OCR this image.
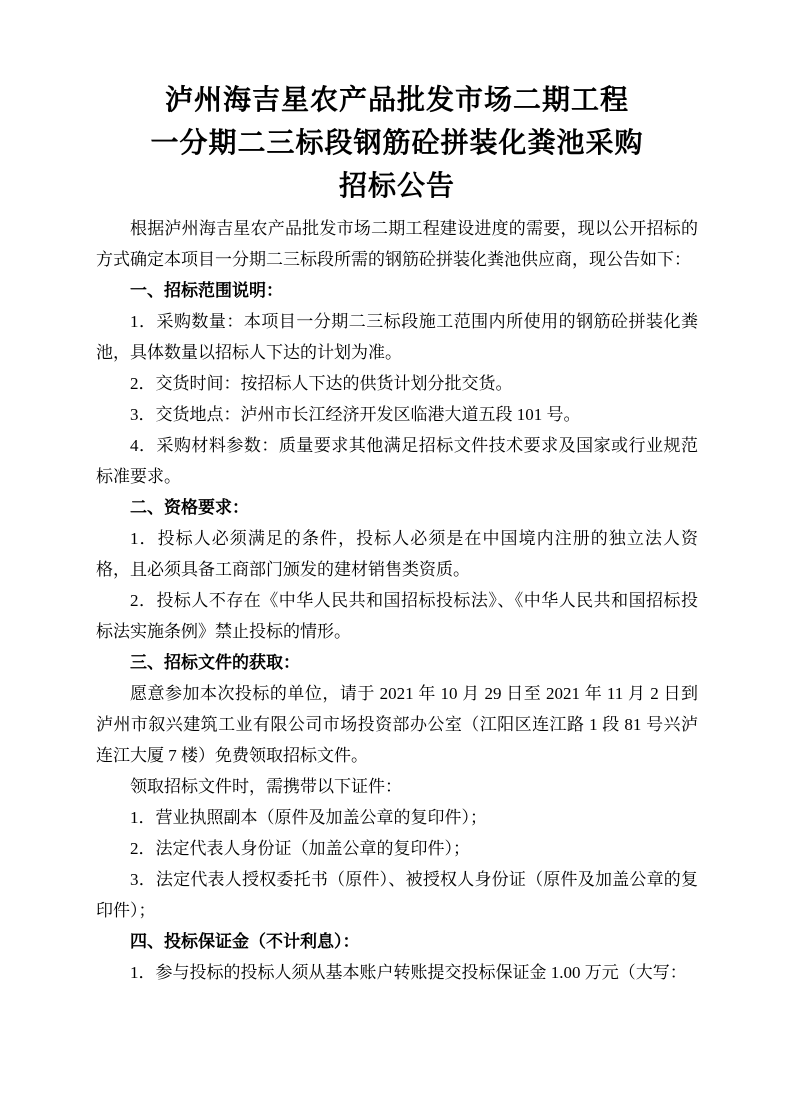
泸州海吉星农产品批发市场二期工程
一分期二三标段钢筋砼拼装化粪池采购
招标公告

根据泸州海吉星农产品批发市场二期工程建设进度的需要，现以公开招标的方式确定本项目一分期二三标段所需的钢筋砼拼装化粪池供应商，现公告如下：

一、招标范围说明：

1．采购数量：本项目一分期二三标段施工范围内所使用的钢筋砼拼装化粪池，具体数量以招标人下达的计划为准。

2．交货时间：按招标人下达的供货计划分批交货。

3．交货地点：泸州市长江经济开发区临港大道五段 101 号。

4．采购材料参数：质量要求其他满足招标文件技术要求及国家或行业规范标准要求。

二、资格要求：

1．投标人必须满足的条件，投标人必须是在中国境内注册的独立法人资格，且必须具备工商部门颁发的建材销售类资质。

2．投标人不存在《中华人民共和国招标投标法》、《中华人民共和国招标投标法实施条例》禁止投标的情形。

三、招标文件的获取：

愿意参加本次投标的单位，请于 2021 年 10 月 29 日至 2021 年 11 月 2 日到泸州市叙兴建筑工业有限公司市场投资部办公室（江阳区连江路 1 段 81 号兴泸连江大厦 7 楼）免费领取招标文件。

领取招标文件时，需携带以下证件：

1．营业执照副本（原件及加盖公章的复印件）；

2．法定代表人身份证（加盖公章的复印件）；

3．法定代表人授权委托书（原件）、被授权人身份证（原件及加盖公章的复印件）；

四、投标保证金（不计利息）：

1．参与投标的投标人须从基本账户转账提交投标保证金 1.00 万元（大写：
